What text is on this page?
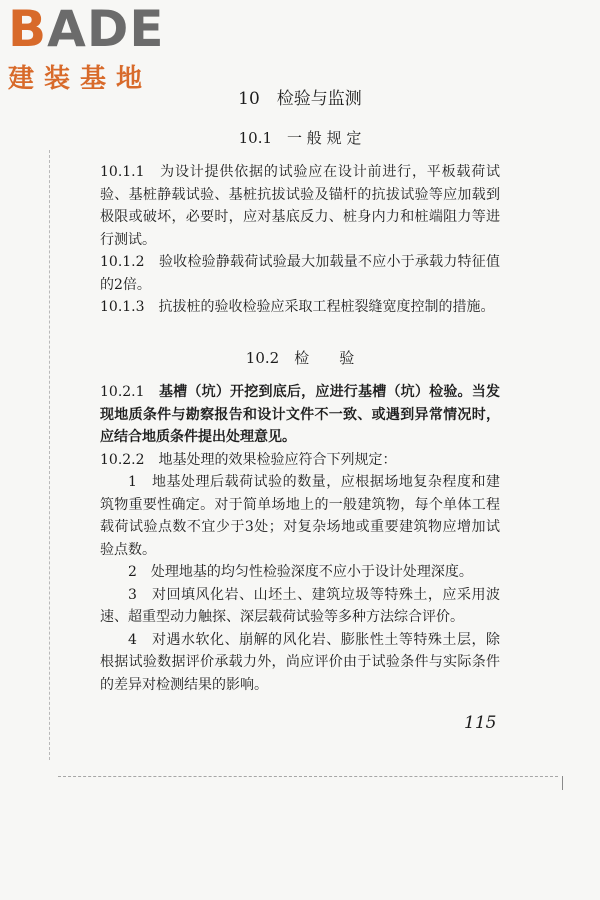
BADE
建装基地
10　检验与监测
10.1　一 般 规 定

10.1.1　 为设计提供依据的试验应在设计前进行，平板载荷试验、基桩静载试验、基桩抗拔试验及锚杆的抗拔试验等应加载到极限或破坏，必要时，应对基底反力、桩身内力和桩端阻力等进行测试。

10.1.2　 验收检验静载荷试验最大加载量不应小于承载力特征值的2倍。

10.1.3　 抗拔桩的验收检验应采取工程桩裂缝宽度控制的措施。

10.2　检　　验

10.2.1　 基槽（坑）开挖到底后，应进行基槽（坑）检验。当发现地质条件与勘察报告和设计文件不一致、或遇到异常情况时，应结合地质条件提出处理意见。

10.2.2　 地基处理的效果检验应符合下列规定：

1　 地基处理后载荷试验的数量，应根据场地复杂程度和建筑物重要性确定。对于简单场地上的一般建筑物，每个单体工程载荷试验点数不宜少于3处；对复杂场地或重要建筑物应增加试验点数。

2　 处理地基的均匀性检验深度不应小于设计处理深度。

3　 对回填风化岩、山坯土、建筑垃圾等特殊土，应采用波速、超重型动力触探、深层载荷试验等多种方法综合评价。

4　 对遇水软化、崩解的风化岩、膨胀性土等特殊土层，除根据试验数据评价承载力外，尚应评价由于试验条件与实际条件的差异对检测结果的影响。

115
